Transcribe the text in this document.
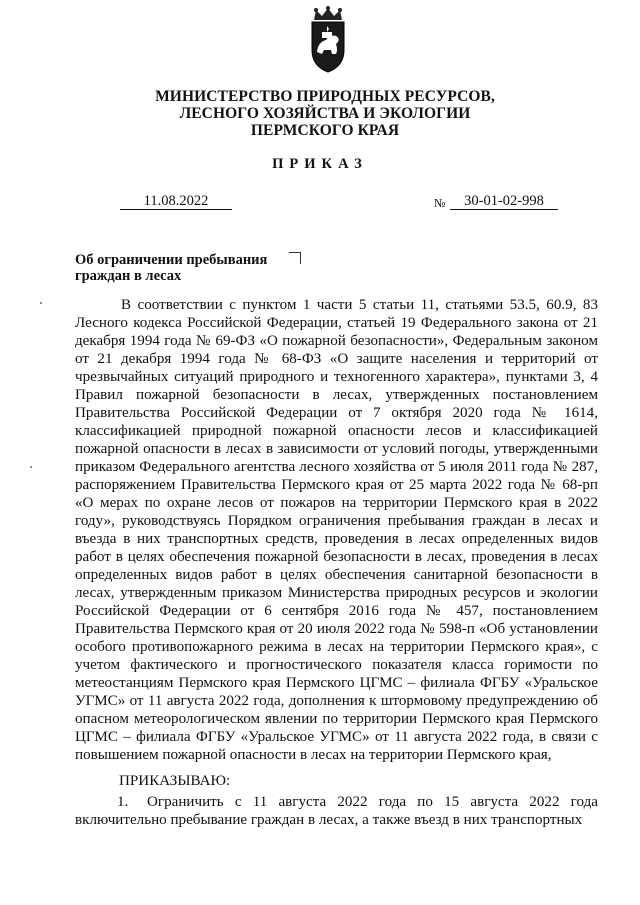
МИНИСТЕРСТВО ПРИРОДНЫХ РЕСУРСОВ,
ЛЕСНОГО ХОЗЯЙСТВА И ЭКОЛОГИИ
ПЕРМСКОГО КРАЯ
ПРИКАЗ
11.08.2022	№	30-01-02-998
Об ограничении пребывания
граждан в лесах

В соответствии с пунктом 1 части 5 статьи 11, статьями 53.5, 60.9, 83 Лесного кодекса Российской Федерации, статьей 19 Федерального закона от 21 декабря 1994 года № 69-ФЗ «О пожарной безопасности», Федеральным законом от 21 декабря 1994 года № 68-ФЗ «О защите населения и территорий от чрезвычайных ситуаций природного и техногенного характера», пунктами 3, 4 Правил пожарной безопасности в лесах, утвержденных постановлением Правительства Российской Федерации от 7 октября 2020 года № 1614, классификацией природной пожарной опасности лесов и классификацией пожарной опасности в лесах в зависимости от условий погоды, утвержденными приказом Федерального агентства лесного хозяйства от 5 июля 2011 года № 287, распоряжением Правительства Пермского края от 25 марта 2022 года № 68-рп «О мерах по охране лесов от пожаров на территории Пермского края в 2022 году», руководствуясь Порядком ограничения пребывания граждан в лесах и въезда в них транспортных средств, проведения в лесах определенных видов работ в целях обеспечения пожарной безопасности в лесах, проведения в лесах определенных видов работ в целях обеспечения санитарной безопасности в лесах, утвержденным приказом Министерства природных ресурсов и экологии Российской Федерации от 6 сентября 2016 года № 457, постановлением Правительства Пермского края от 20 июля 2022 года № 598-п «Об установлении особого противопожарного режима в лесах на территории Пермского края», с учетом фактического и прогностического показателя класса горимости по метеостанциям Пермского края Пермского ЦГМС – филиала ФГБУ «Уральское УГМС» от 11 августа 2022 года, дополнения к штормовому предупреждению об опасном метеорологическом явлении по территории Пермского края Пермского ЦГМС – филиала ФГБУ «Уральское УГМС» от 11 августа 2022 года, в связи с повышением пожарной опасности в лесах на территории Пермского края,

ПРИКАЗЫВАЮ:
1. Ограничить с 11 августа 2022 года по 15 августа 2022 года включительно пребывание граждан в лесах, а также въезд в них транспортных
